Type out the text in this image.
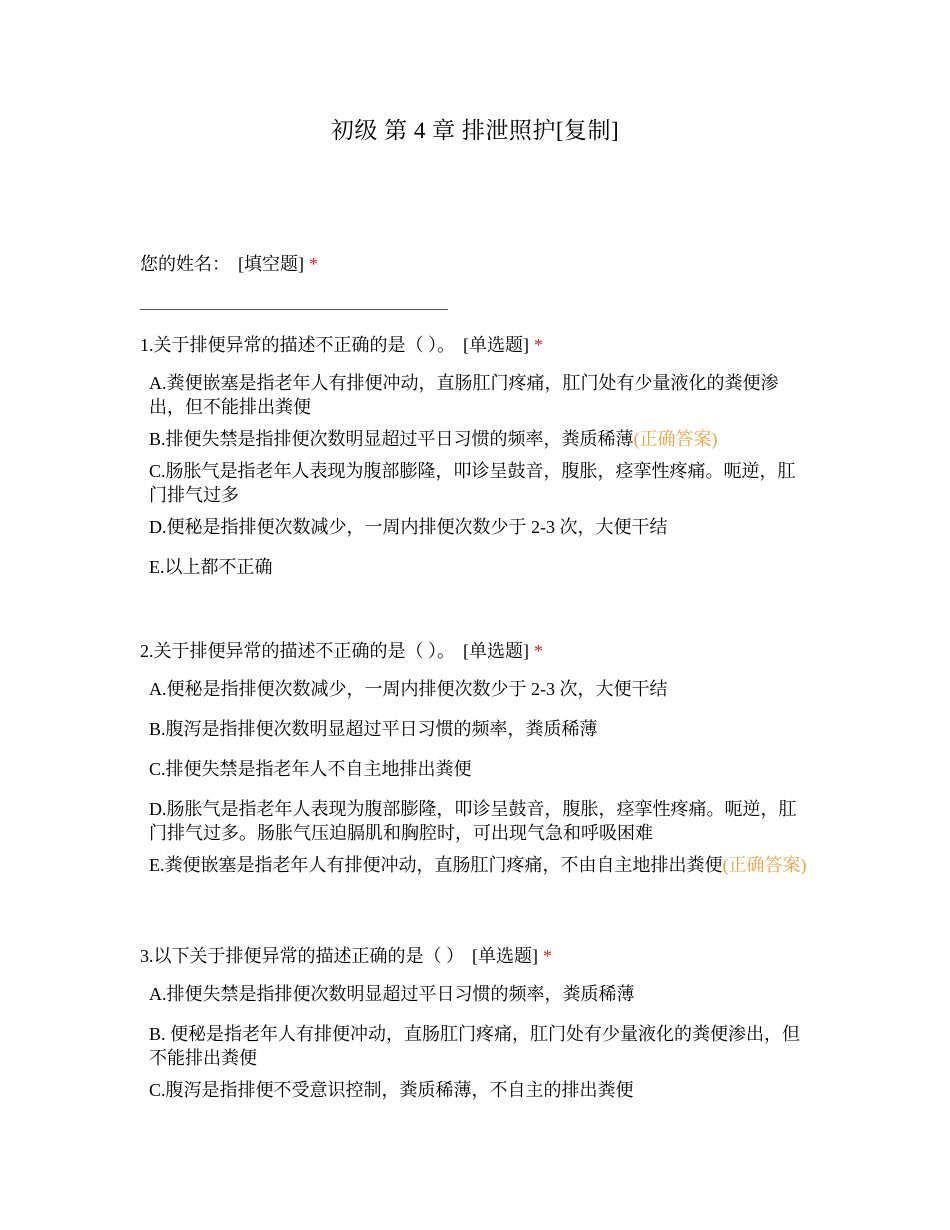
初级 第 4 章 排泄照护[复制]
您的姓名： [填空题] *
1.关于排便异常的描述不正确的是（ ）。 [单选题] *
A.粪便嵌塞是指老年人有排便冲动，直肠肛门疼痛，肛门处有少量液化的粪便渗出，但不能排出粪便
B.排便失禁是指排便次数明显超过平日习惯的频率，粪质稀薄(正确答案)
C.肠胀气是指老年人表现为腹部膨隆，叩诊呈鼓音，腹胀，痉挛性疼痛。呃逆，肛门排气过多
D.便秘是指排便次数减少，一周内排便次数少于 2-3 次，大便干结
E.以上都不正确
2.关于排便异常的描述不正确的是（ ）。 [单选题] *
A.便秘是指排便次数减少，一周内排便次数少于 2-3 次，大便干结
B.腹泻是指排便次数明显超过平日习惯的频率，粪质稀薄
C.排便失禁是指老年人不自主地排出粪便
D.肠胀气是指老年人表现为腹部膨隆，叩诊呈鼓音，腹胀，痉挛性疼痛。呃逆，肛门排气过多。肠胀气压迫膈肌和胸腔时，可出现气急和呼吸困难
E.粪便嵌塞是指老年人有排便冲动，直肠肛门疼痛，不由自主地排出粪便(正确答案)
3.以下关于排便异常的描述正确的是（ ） [单选题] *
A.排便失禁是指排便次数明显超过平日习惯的频率，粪质稀薄
B. 便秘是指老年人有排便冲动，直肠肛门疼痛，肛门处有少量液化的粪便渗出，但不能排出粪便
C.腹泻是指排便不受意识控制，粪质稀薄，不自主的排出粪便
